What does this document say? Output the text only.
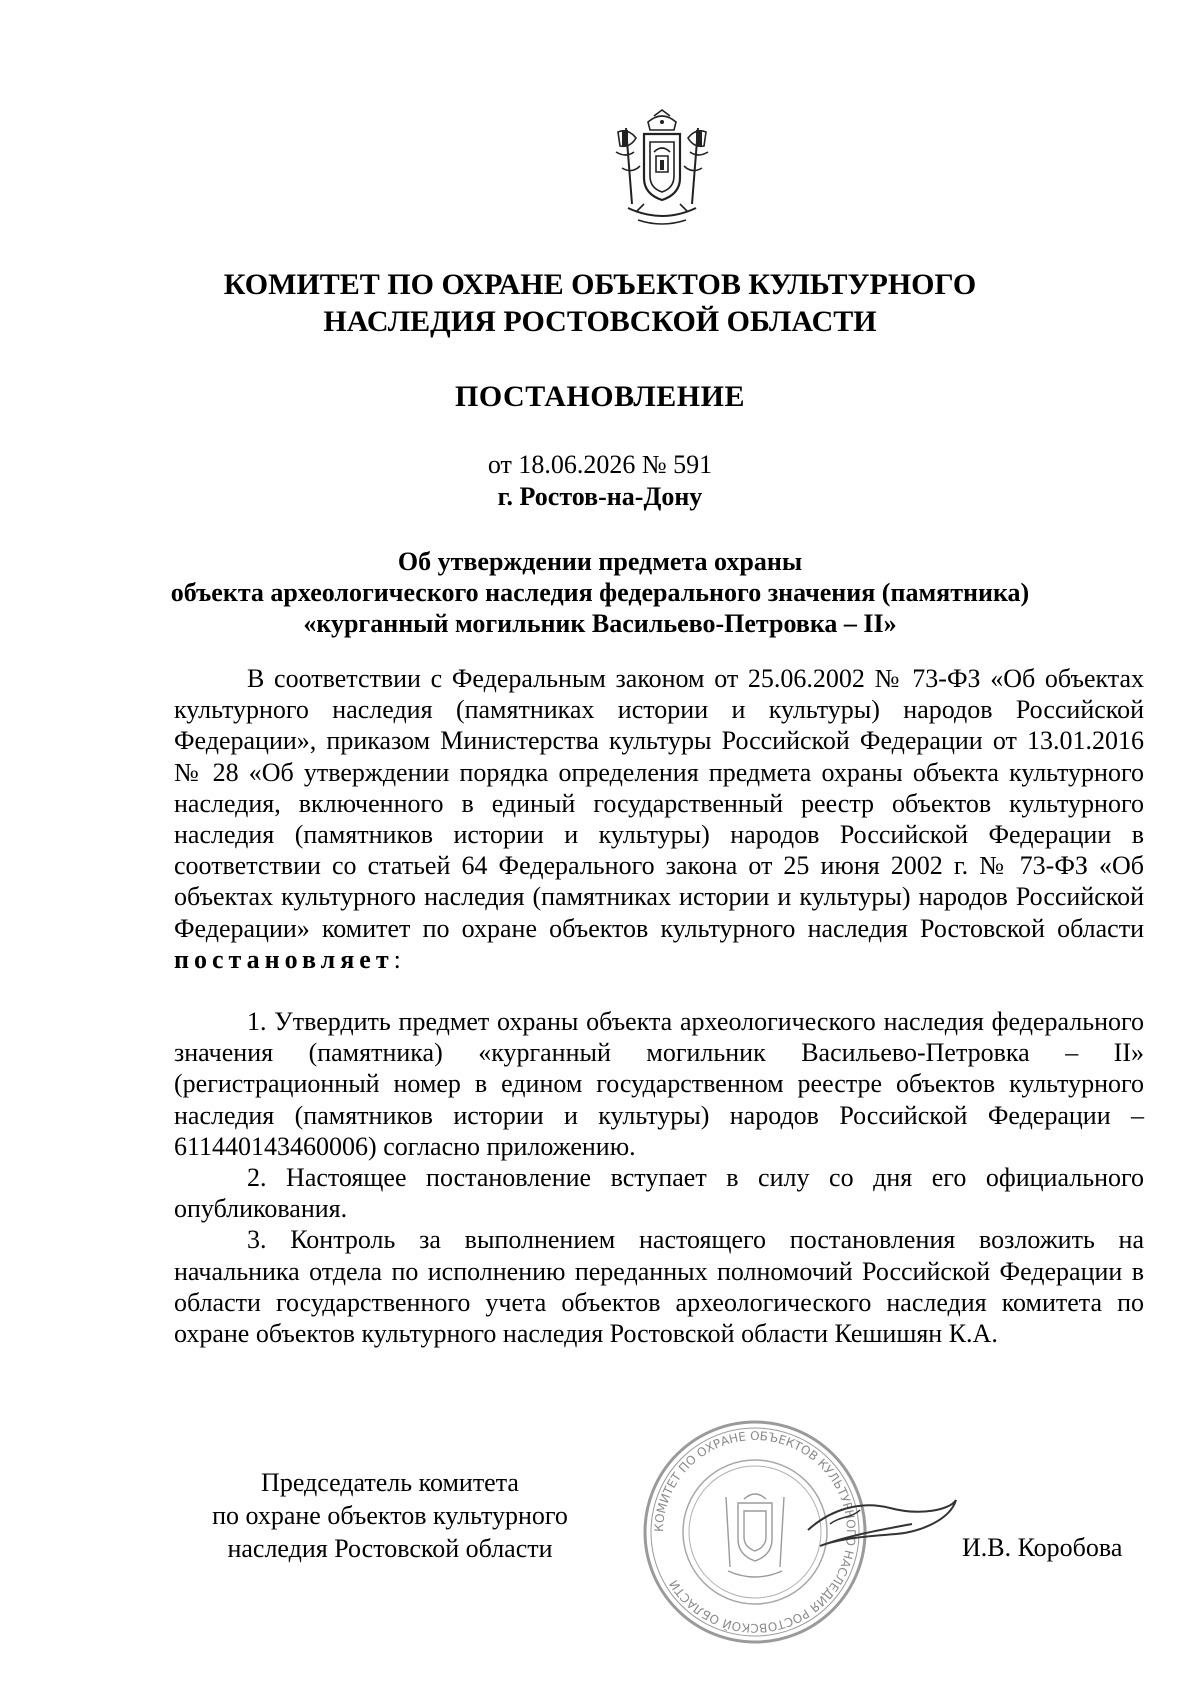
КОМИТЕТ ПО ОХРАНЕ ОБЪЕКТОВ КУЛЬТУРНОГО
НАСЛЕДИЯ РОСТОВСКОЙ ОБЛАСТИ
ПОСТАНОВЛЕНИЕ
от 18.06.2026 № 591
г. Ростов-на-Дону
Об утверждении предмета охраны
объекта археологического наследия федерального значения (памятника)
«курганный могильник Васильево-Петровка – II»

В соответствии с Федеральным законом от 25.06.2002 № 73-ФЗ «Об объектах культурного наследия (памятниках истории и культуры) народов Российской Федерации», приказом Министерства культуры Российской Федерации от 13.01.2016 № 28 «Об утверждении порядка определения предмета охраны объекта культурного наследия, включенного в единый государственный реестр объектов культурного наследия (памятников истории и культуры) народов Российской Федерации в соответствии со статьей 64 Федерального закона от 25 июня 2002 г. № 73-ФЗ «Об объектах культурного наследия (памятниках истории и культуры) народов Российской Федерации» комитет по охране объектов культурного наследия Ростовской области постановляет:

1. Утвердить предмет охраны объекта археологического наследия федерального значения (памятника) «курганный могильник Васильево-Петровка – II» (регистрационный номер в едином государственном реестре объектов культурного наследия (памятников истории и культуры) народов Российской Федерации – 611440143460006) согласно приложению.

2. Настоящее постановление вступает в силу со дня его официального опубликования.

3. Контроль за выполнением настоящего постановления возложить на начальника отдела по исполнению переданных полномочий Российской Федерации в области государственного учета объектов археологического наследия комитета по охране объектов культурного наследия Ростовской области Кешишян К.А.

Председатель комитета
по охране объектов культурного
наследия Ростовской области
КОМИТЕТ ПО ОХРАНЕ ОБЪЕКТОВ КУЛЬТУРНОГО НАСЛЕДИЯ РОСТОВСКОЙ ОБЛАСТИ
И.В. Коробова
